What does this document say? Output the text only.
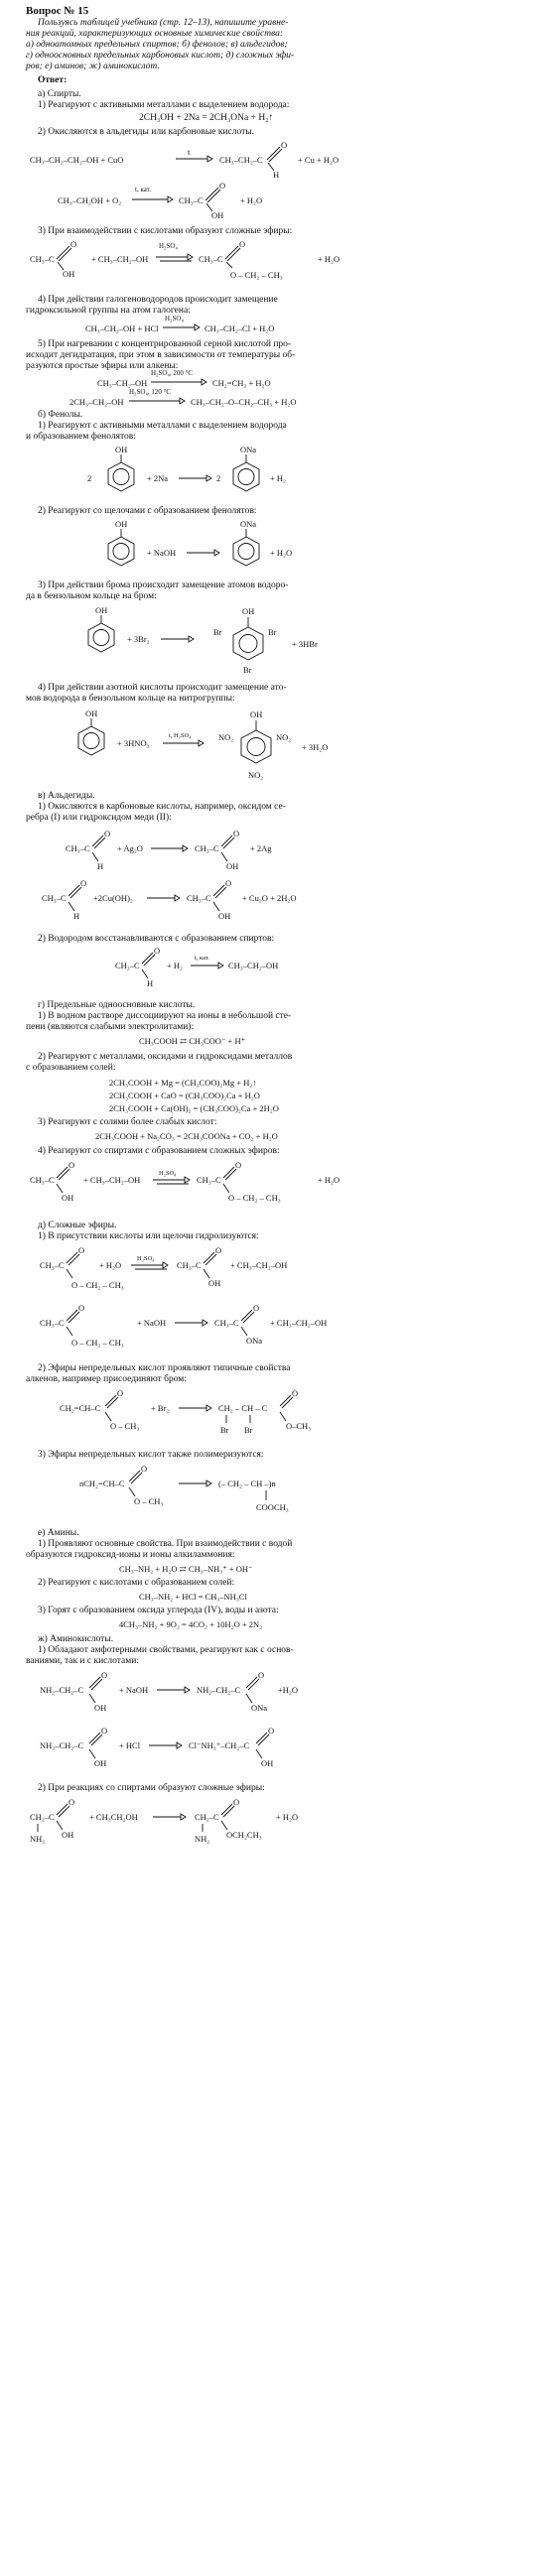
Вопрос № 15
Пользуясь таблицей учебника (стр. 12–13), напишите уравне-
ния реакций, характеризующих основные химические свойства:
а) одноатомных предельных спиртов; б) фенолов; в) альдегидов;
г) одноосновных предельных карбоновых кислот; д) сложных эфи-
ров; е) аминов; ж) аминокислот.
Ответ:
а) Спирты.
1) Реагируют с активными металлами с выделением водорода:
2CH₃OH + 2Na = 2CH₃ONa + H₂↑
2) Окисляются в альдегиды или карбоновые кислоты.
CH₃–CH₂–CH₂–OH + CuO
t
CH₃–CH₂–C
O
H
+ Cu + H₂O
CH₃–CH₂OH + O₂
t, кат.
CH₃–C
O
OH
+ H₂O
3) При взаимодействии с кислотами образуют сложные эфиры:
CH₃–C
O
OH
+ CH₃–CH₂–OH
H₂SO₄
CH₃–C
O
O – CH₂ – CH₃
+ H₂O
4) При действии галогеноводородов происходит замещение
гидроксильной группы на атом галогена:
CH₃–CH₂–OH + HCl
H₂SO₄
CH₃–CH₂–Cl + H₂O
5) При нагревании с концентрированной серной кислотой про-
исходит дегидратация, при этом в зависимости от температуры об-
разуются простые эфиры или алкены:
CH₃–CH₂–OH
H₂SO₄, 200 °C
CH₂=CH₂ + H₂O
2CH₃–CH₂–OH
H₂SO₄, 120 °C
CH₃–CH₂–O–CH₂–CH₃ + H₂O
б) Фенолы.
1) Реагируют с активными металлами с выделением водорода
и образованием фенолятов:
2
OH
+ 2Na	2
ONa
+ H₂
2) Реагируют со щелочами с образованием фенолятов:
OH
+ NaOH
ONa
+ H₂O
3) При действии брома происходит замещение атомов водоро-
да в бензольном кольце на бром:
OH
+ 3Br₂
OH
Br	Br
Br
+ 3HBr
4) При действии азотной кислоты происходит замещение ато-
мов водорода в бензольном кольце на нитрогруппы:
OH
+ 3HNO₃
t, H₂SO₄
OH
NO₂	NO₂
NO₂
+ 3H₂O
в) Альдегиды.
1) Окисляются в карбоновые кислоты, например, оксидом се-
ребра (I) или гидроксидом меди (II):
CH₃–C
O
H
+ Ag₂O	CH₃–C
O
OH
+ 2Ag
CH₃–C
O
H
+2Cu(OH)₂	CH₃–C
O
OH
+ Cu₂O + 2H₂O
2) Водородом восстанавливаются с образованием спиртов:
CH₃–C
O
H
+ H₂
t, кат.
CH₃–CH₂–OH
г) Предельные одноосновные кислоты.
1) В водном растворе диссоциируют на ионы в небольшой сте-
пени (являются слабыми электролитами):
CH₃COOH ⇄ CH₃COO⁻ + H⁺
2) Реагируют с металлами, оксидами и гидроксидами металлов
с образованием солей:
2CH₃COOH + Mg = (CH₃COO)₂Mg + H₂↑
2CH₃COOH + CaO = (CH₃COO)₂Ca + H₂O
2CH₃COOH + Ca(OH)₂ = (CH₃COO)₂Ca + 2H₂O
3) Реагируют с солями более слабых кислот:
2CH₃COOH + Na₂CO₃ = 2CH₃COONa + CO₂ + H₂O
4) Реагируют со спиртами с образованием сложных эфиров:
CH₃–C
O
OH
+ CH₃–CH₂–OH
H₂SO₄
CH₃–C
O
O – CH₂ – CH₃
+ H₂O
д) Сложные эфиры.
1) В присутствии кислоты или щелочи гидролизуются:
CH₃–C
O
O – CH₂ – CH₃
+ H₂O
H₂SO₄
CH₃–C
O
OH
+ CH₃–CH₂–OH
CH₃–C
O
O – CH₂ – CH₃
+ NaOH	CH₃–C
O
ONa
+ CH₃–CH₂–OH
2) Эфиры непредельных кислот проявляют типичные свойства
алкенов, например присоединяют бром:
CH₂=CH–C
O
O – CH₃
+ Br₂	CH₂ – CH – C
O
O–CH₃
Br Br
3) Эфиры непредельных кислот также полимеризуются:
nCH₂=CH–C
O
O – CH₃
(– CH₂ – CH –)n
COOCH₃
е) Амины.
1) Проявляют основные свойства. При взаимодействии с водой
образуются гидроксид-ионы и ионы алкиламмония:
CH₃–NH₂ + H₂O ⇄ CH₃–NH₃⁺ + OH⁻
2) Реагируют с кислотами с образованием солей:
CH₃–NH₂ + HCl = CH₃–NH₃Cl
3) Горят с образованием оксида углерода (IV), воды и азота:
4CH₃–NH₂ + 9O₂ = 4CO₂ + 10H₂O + 2N₂
ж) Аминокислоты.
1) Обладают амфотерными свойствами, реагируют как с основ-
ваниями, так и с кислотами:
NH₂–CH₂–C
O
OH
+ NaOH	NH₂–CH₂–C
O
ONa
+H₂O
NH₂–CH₂–C
O
OH
+ HCl	Cl⁻NH₃⁺–CH₂–C
O
OH
2) При реакциях со спиртами образуют сложные эфиры:
CH₂–C
O
OH
NH₂
+ CH₃CH₂OH	CH₂–C
O
OCH₂CH₃
NH₂
+ H₂O
